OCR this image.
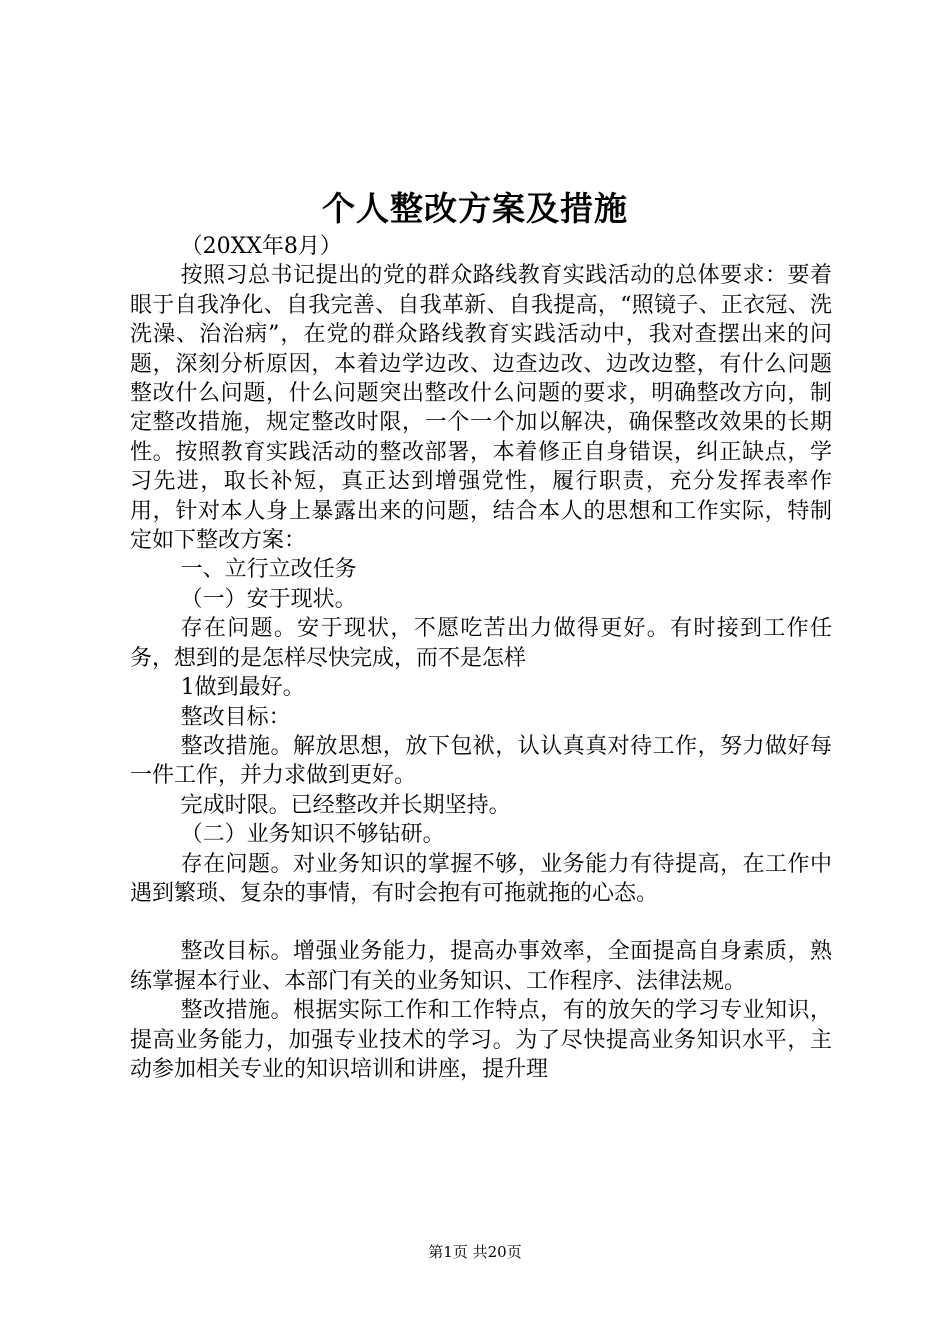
个人整改方案及措施

（20XX年8月）

按照习总书记提出的党的群众路线教育实践活动的总体要求：要着眼于自我净化、自我完善、自我革新、自我提高，“照镜子、正衣冠、洗洗澡、治治病”，在党的群众路线教育实践活动中，我对查摆出来的问题，深刻分析原因，本着边学边改、边查边改、边改边整，有什么问题整改什么问题，什么问题突出整改什么问题的要求，明确整改方向，制定整改措施，规定整改时限，一个一个加以解决，确保整改效果的长期性。按照教育实践活动的整改部署，本着修正自身错误，纠正缺点，学习先进，取长补短，真正达到增强党性，履行职责，充分发挥表率作用，针对本人身上暴露出来的问题，结合本人的思想和工作实际，特制定如下整改方案：

一、立行立改任务

（一）安于现状。

存在问题。安于现状，不愿吃苦出力做得更好。有时接到工作任务，想到的是怎样尽快完成，而不是怎样

1做到最好。

整改目标：

整改措施。解放思想，放下包袱，认认真真对待工作，努力做好每一件工作，并力求做到更好。

完成时限。已经整改并长期坚持。

（二）业务知识不够钻研。

存在问题。对业务知识的掌握不够，业务能力有待提高，在工作中遇到繁琐、复杂的事情，有时会抱有可拖就拖的心态。

整改目标。增强业务能力，提高办事效率，全面提高自身素质，熟练掌握本行业、本部门有关的业务知识、工作程序、法律法规。

整改措施。根据实际工作和工作特点，有的放矢的学习专业知识，提高业务能力，加强专业技术的学习。为了尽快提高业务知识水平，主动参加相关专业的知识培训和讲座，提升理

第1页 共20页
